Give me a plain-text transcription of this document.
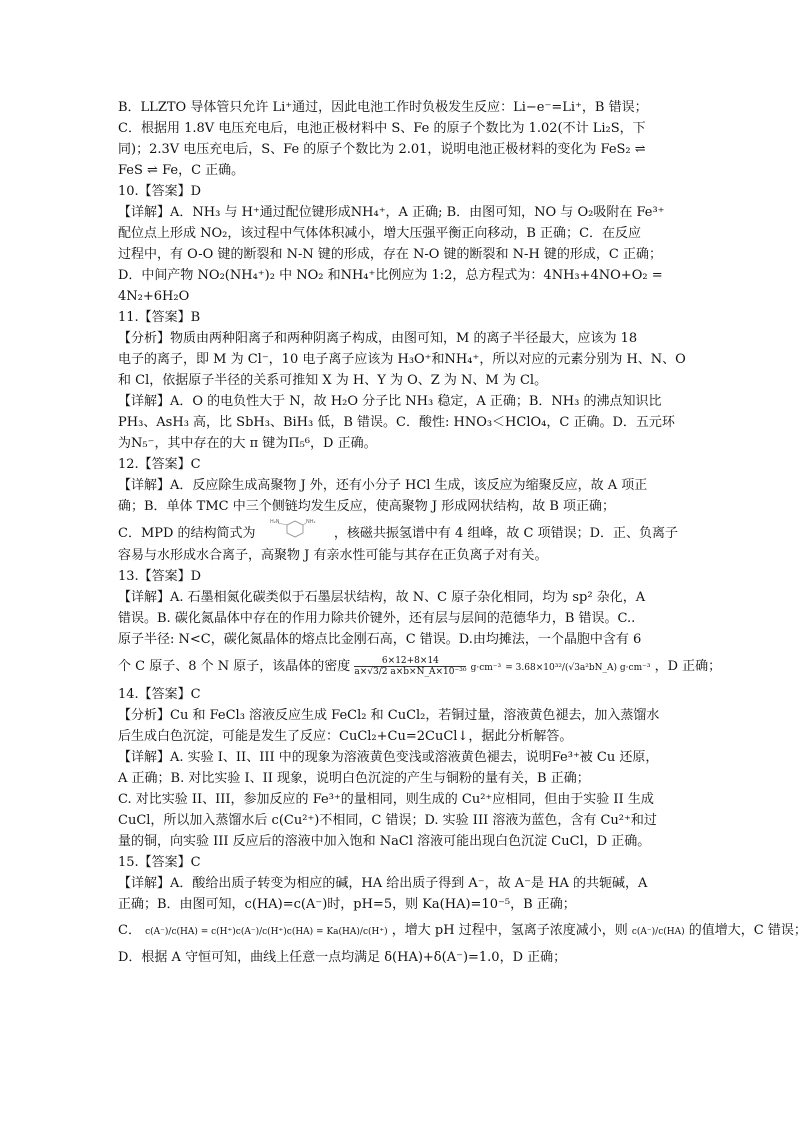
B．LLZTO 导体管只允许 Li⁺通过，因此电池工作时负极发生反应：Li−e⁻=Li⁺，B 错误；
C．根据用 1.8V 电压充电后，电池正极材料中 S、Fe 的原子个数比为 1.02(不计 Li₂S，下
同)；2.3V 电压充电后，S、Fe 的原子个数比为 2.01，说明电池正极材料的变化为 FeS₂ ⇌
FeS ⇌ Fe，C 正确。
10.【答案】D
【详解】A．NH₃ 与 H⁺通过配位键形成NH₄⁺，A 正确; B．由图可知，NO 与 O₂吸附在 Fe³⁺
配位点上形成 NO₂，该过程中气体体积减小，增大压强平衡正向移动，B 正确；C．在反应
过程中，有 O-O 键的断裂和 N-N 键的形成，存在 N-O 键的断裂和 N-H 键的形成，C 正确；
D．中间产物 NO₂(NH₄⁺)₂ 中 NO₂ 和NH₄⁺比例应为 1:2，总方程式为：4NH₃+4NO+O₂ =
4N₂+6H₂O
11.【答案】B
【分析】物质由两种阳离子和两种阴离子构成，由图可知，M 的离子半径最大，应该为 18
电子的离子，即 M 为 Cl⁻，10 电子离子应该为 H₃O⁺和NH₄⁺，所以对应的元素分别为 H、N、O
和 Cl，依据原子半径的关系可推知 X 为 H、Y 为 O、Z 为 N、M 为 Cl。
【详解】A．O 的电负性大于 N，故 H₂O 分子比 NH₃ 稳定，A 正确；B．NH₃ 的沸点知识比
PH₃、AsH₃ 高，比 SbH₃、BiH₃ 低，B 错误。C．酸性: HNO₃＜HClO₄，C 正确。D．五元环
为N₅⁻，其中存在的大 π 键为Π₅⁶，D 正确。
12.【答案】C
【详解】A．反应除生成高聚物 J 外，还有小分子 HCl 生成，该反应为缩聚反应，故 A 项正
确；B．单体 TMC 中三个侧链均发生反应，使高聚物 J 形成网状结构，故 B 项正确；
C．MPD 的结构简式为
H₂N	NH₂
，核磁共振氢谱中有 4 组峰，故 C 项错误；D．正、负离子
容易与水形成水合离子，高聚物 J 有亲水性可能与其存在正负离子对有关。
13.【答案】D
【详解】A. 石墨相氮化碳类似于石墨层状结构，故 N、C 原子杂化相同，均为 sp² 杂化，A
错误。B. 碳化氮晶体中存在的作用力除共价键外，还有层与层间的范德华力，B 错误。C..
原子半径: N<C，碳化氮晶体的熔点比金刚石高，C 错误。D.由均摊法，一个晶胞中含有 6
个 C 原子、8 个 N 原子，该晶体的密度 $\frac{6\times 12+8\times 14}{\text{a×√3/2 a×b×N\_A×10⁻³⁰}} g\cdot cm^{-3}$ = 3.68×10³²/(√3a²bN_A) g·cm⁻³ ，D 正确；
14.【答案】C
【分析】Cu 和 FeCl₃ 溶液反应生成 FeCl₂ 和 CuCl₂，若铜过量，溶液黄色褪去，加入蒸馏水
后生成白色沉淀，可能是发生了反应：CuCl₂+Cu=2CuCl↓，据此分析解答。
【详解】A. 实验 I、II、III 中的现象为溶液黄色变浅或溶液黄色褪去，说明Fe³⁺被 Cu 还原，
A 正确；B. 对比实验 I、II 现象，说明白色沉淀的产生与铜粉的量有关，B 正确；
C. 对比实验 II、III，参加反应的 Fe³⁺的量相同，则生成的 Cu²⁺应相同，但由于实验 II 生成
CuCl，所以加入蒸馏水后 c(Cu²⁺)不相同，C 错误；D. 实验 III 溶液为蓝色，含有 Cu²⁺和过
量的铜，向实验 III 反应后的溶液中加入饱和 NaCl 溶液可能出现白色沉淀 CuCl，D 正确。
15.【答案】C
【详解】A．酸给出质子转变为相应的碱，HA 给出质子得到 A⁻，故 A⁻是 HA 的共轭碱，A
正确；B．由图可知，c(HA)=c(A⁻)时，pH=5，则 Ka(HA)=10⁻⁵，B 正确；
C． c(A⁻)/c(HA) = c(H⁺)c(A⁻)/c(H⁺)c(HA) = Ka(HA)/c(H⁺) ，增大 pH 过程中，氢离子浓度减小，则 c(A⁻)/c(HA) 的值增大，C 错误；
D．根据 A 守恒可知，曲线上任意一点均满足 δ(HA)+δ(A⁻)=1.0，D 正确；
